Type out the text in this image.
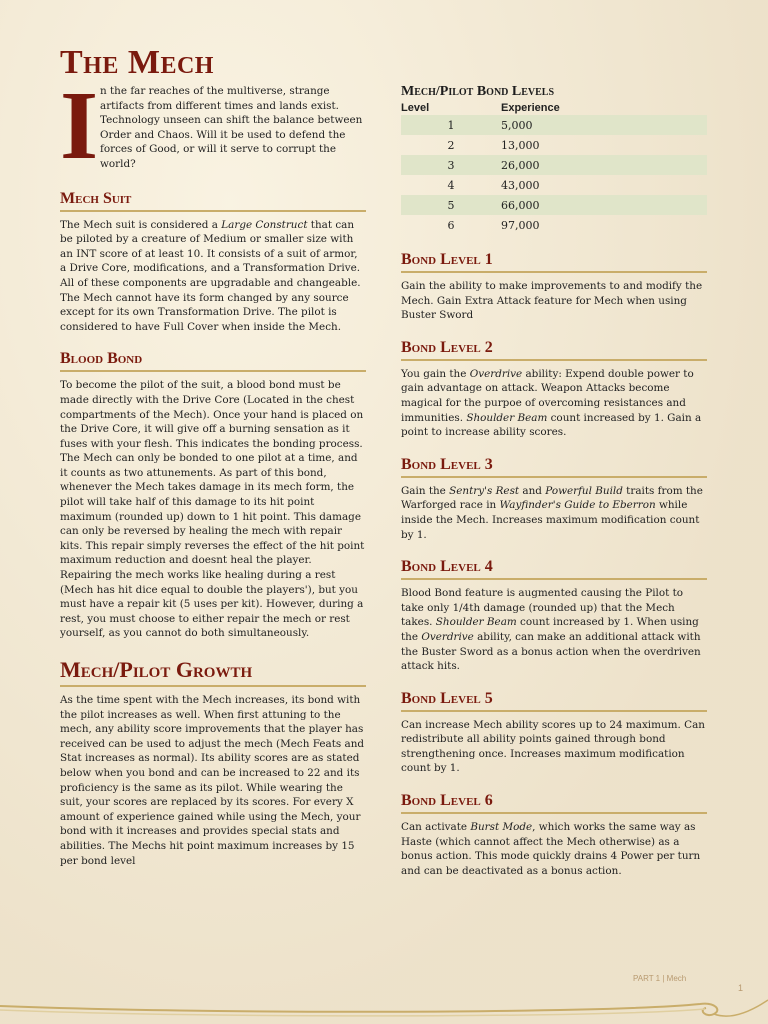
The Mech
I n the far reaches of the multiverse, strange artifacts from different times and lands exist. Technology unseen can shift the balance between Order and Chaos. Will it be used to defend the forces of Good, or will it serve to corrupt the world?

Mech Suit

The Mech suit is considered a Large Construct that can be piloted by a creature of Medium or smaller size with an INT score of at least 10. It consists of a suit of armor, a Drive Core, modifications, and a Transformation Drive. All of these components are upgradable and changeable. The Mech cannot have its form changed by any source except for its own Transformation Drive. The pilot is considered to have Full Cover when inside the Mech.

Blood Bond

To become the pilot of the suit, a blood bond must be made directly with the Drive Core (Located in the chest compartments of the Mech). Once your hand is placed on the Drive Core, it will give off a burning sensation as it fuses with your flesh. This indicates the bonding process. The Mech can only be bonded to one pilot at a time, and it counts as two attunements. As part of this bond, whenever the Mech takes damage in its mech form, the pilot will take half of this damage to its hit point maximum (rounded up) down to 1 hit point. This damage can only be reversed by healing the mech with repair kits. This repair simply reverses the effect of the hit point maximum reduction and doesnt heal the player. Repairing the mech works like healing during a rest (Mech has hit dice equal to double the players'), but you must have a repair kit (5 uses per kit). However, during a rest, you must choose to either repair the mech or rest yourself, as you cannot do both simultaneously.

Mech/Pilot Growth

As the time spent with the Mech increases, its bond with the pilot increases as well. When first attuning to the mech, any ability score improvements that the player has received can be used to adjust the mech (Mech Feats and Stat increases as normal). Its ability scores are as stated below when you bond and can be increased to 22 and its proficiency is the same as its pilot. While wearing the suit, your scores are replaced by its scores. For every X amount of experience gained while using the Mech, your bond with it increases and provides special stats and abilities. The Mechs hit point maximum increases by 15 per bond level

Mech/Pilot Bond Levels
Level	Experience
1	5,000
2	13,000
3	26,000
4	43,000
5	66,000
6	97,000
Bond Level 1

Gain the ability to make improvements to and modify the Mech. Gain Extra Attack feature for Mech when using Buster Sword

Bond Level 2

You gain the Overdrive ability: Expend double power to gain advantage on attack. Weapon Attacks become magical for the purpoe of overcoming resistances and immunities. Shoulder Beam count increased by 1. Gain a point to increase ability scores.

Bond Level 3

Gain the Sentry's Rest and Powerful Build traits from the Warforged race in Wayfinder's Guide to Eberron while inside the Mech. Increases maximum modification count by 1.

Bond Level 4

Blood Bond feature is augmented causing the Pilot to take only 1/4th damage (rounded up) that the Mech takes. Shoulder Beam count increased by 1. When using the Overdrive ability, can make an additional attack with the Buster Sword as a bonus action when the overdriven attack hits.

Bond Level 5

Can increase Mech ability scores up to 24 maximum. Can redistribute all ability points gained through bond strengthening once. Increases maximum modification count by 1.

Bond Level 6

Can activate Burst Mode, which works the same way as Haste (which cannot affect the Mech otherwise) as a bonus action. This mode quickly drains 4 Power per turn and can be deactivated as a bonus action.

PART 1 | Mech
1
